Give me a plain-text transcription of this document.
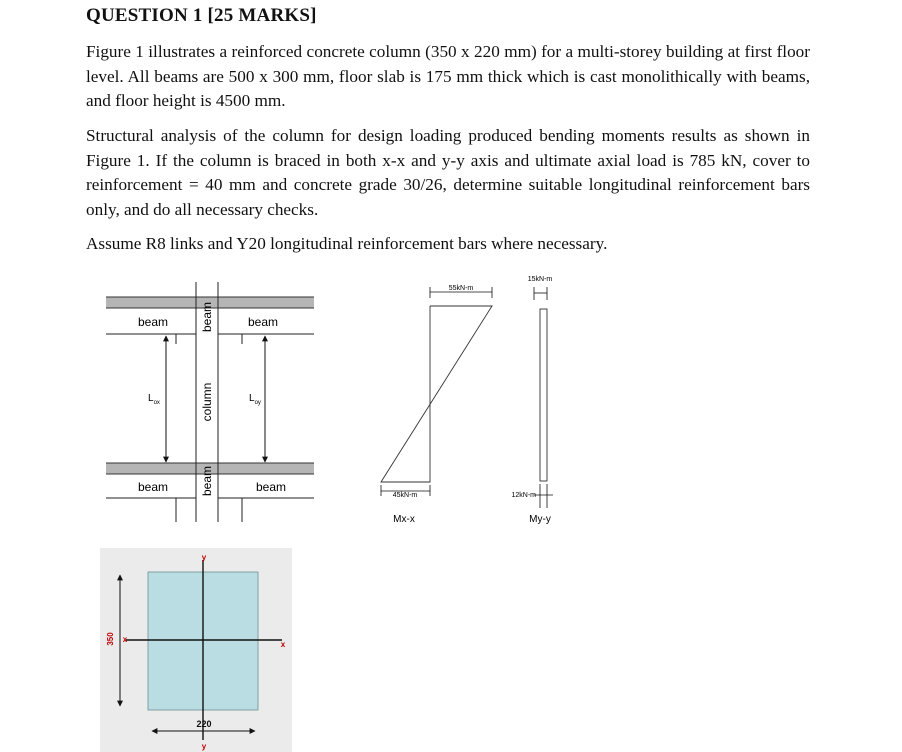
QUESTION 1 [25 MARKS]
Figure 1 illustrates a reinforced concrete column (350 x 220 mm) for a multi-storey building at first floor level. All beams are 500 x 300 mm, floor slab is 175 mm thick which is cast monolithically with beams, and floor height is 4500 mm.
Structural analysis of the column for design loading produced bending moments results as shown in Figure 1. If the column is braced in both x-x and y-y axis and ultimate axial load is 785 kN, cover to reinforcement = 40 mm and concrete grade 30/26, determine suitable longitudinal reinforcement bars only, and do all necessary checks.
Assume R8 links and Y20 longitudinal reinforcement bars where necessary.
beam	beam
beam	beam
beam
beam
column
$L_{ox}$	$L_{oy}$
55kN-m
45kN-m
Mx-x
15kN-m
12kN-m
My-y
x
x
y
y
350
220
